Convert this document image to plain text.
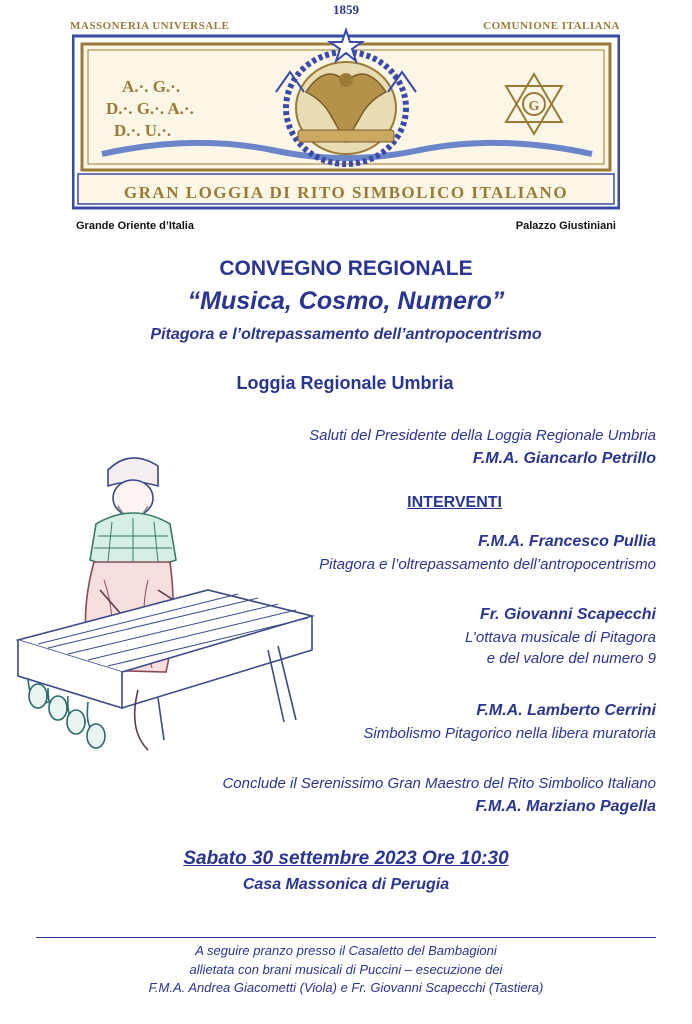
1859
G
MASSONERIA UNIVERSALE	COMUNIONE ITALIANA
A.·. G.·.
D.·. G.·. A.·.
D.·. U.·.
GRAN LOGGIA DI RITO SIMBOLICO ITALIANO
Grande Oriente d’Italia	Palazzo Giustiniani
CONVEGNO REGIONALE
“Musica, Cosmo, Numero”
Pitagora e l’oltrepassamento dell’antropocentrismo
Loggia Regionale Umbria
Saluti del Presidente della Loggia Regionale Umbria
F.M.A. Giancarlo Petrillo
INTERVENTI
F.M.A. Francesco Pullia
Pitagora e l’oltrepassamento dell’antropocentrismo
Fr. Giovanni Scapecchi
L’ottava musicale di Pitagora
e del valore del numero 9
F.M.A. Lamberto Cerrini
Simbolismo Pitagorico nella libera muratoria
Conclude il Serenissimo Gran Maestro del Rito Simbolico Italiano
F.M.A. Marziano Pagella
Sabato 30 settembre 2023 Ore 10:30
Casa Massonica di Perugia
A seguire pranzo presso il Casaletto del Bambagioni
allietata con brani musicali di Puccini – esecuzione dei
F.M.A. Andrea Giacometti (Viola) e Fr. Giovanni Scapecchi (Tastiera)
